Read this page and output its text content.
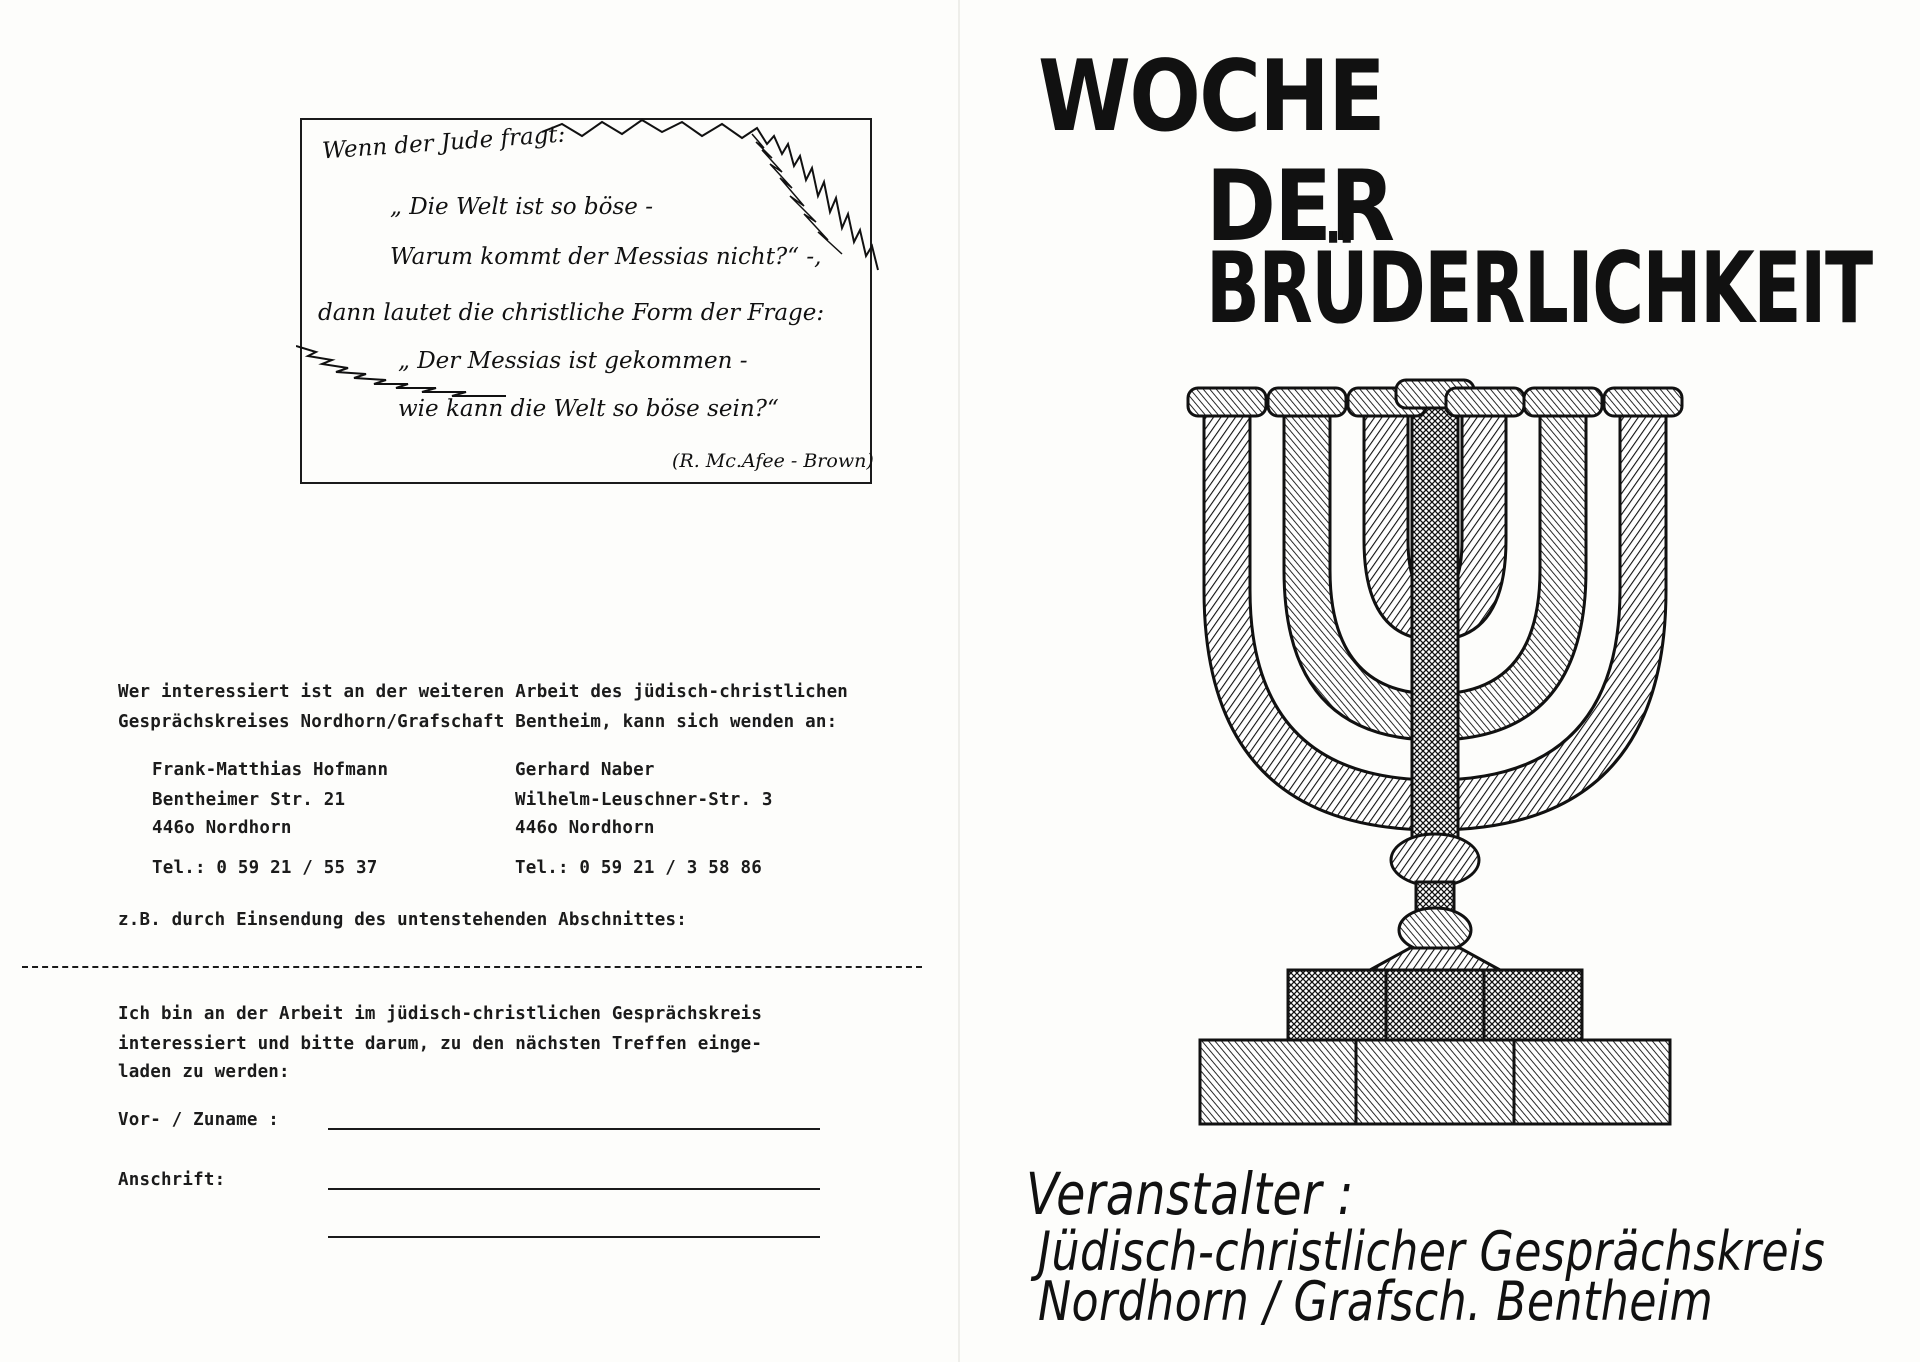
Wenn der Jude fragt:
„ Die Welt ist so böse -
Warum kommt der Messias nicht?“ -,
dann lautet die christliche Form der Frage:
„ Der Messias ist gekommen -
wie kann die Welt so böse sein?“
(R. Mc.Afee - Brown)
Wer interessiert ist an der weiteren Arbeit des jüdisch-christlichen
Gesprächskreises Nordhorn/Grafschaft Bentheim, kann sich wenden an:
Frank-Matthias Hofmann
Bentheimer Str. 21
446o Nordhorn
Tel.: 0 59 21 / 55 37
Gerhard Naber
Wilhelm-Leuschner-Str. 3
446o Nordhorn
Tel.: 0 59 21 / 3 58 86
z.B. durch Einsendung des untenstehenden Abschnittes:
Ich bin an der Arbeit im jüdisch-christlichen Gesprächskreis
interessiert und bitte darum, zu den nächsten Treffen einge-
laden zu werden:
Vor- / Zuname :
Anschrift:
WOCHE
DER
BRÜDERLICHKEIT
Veranstalter :
Jüdisch-christlicher Gesprächskreis
Nordhorn / Grafsch. Bentheim
